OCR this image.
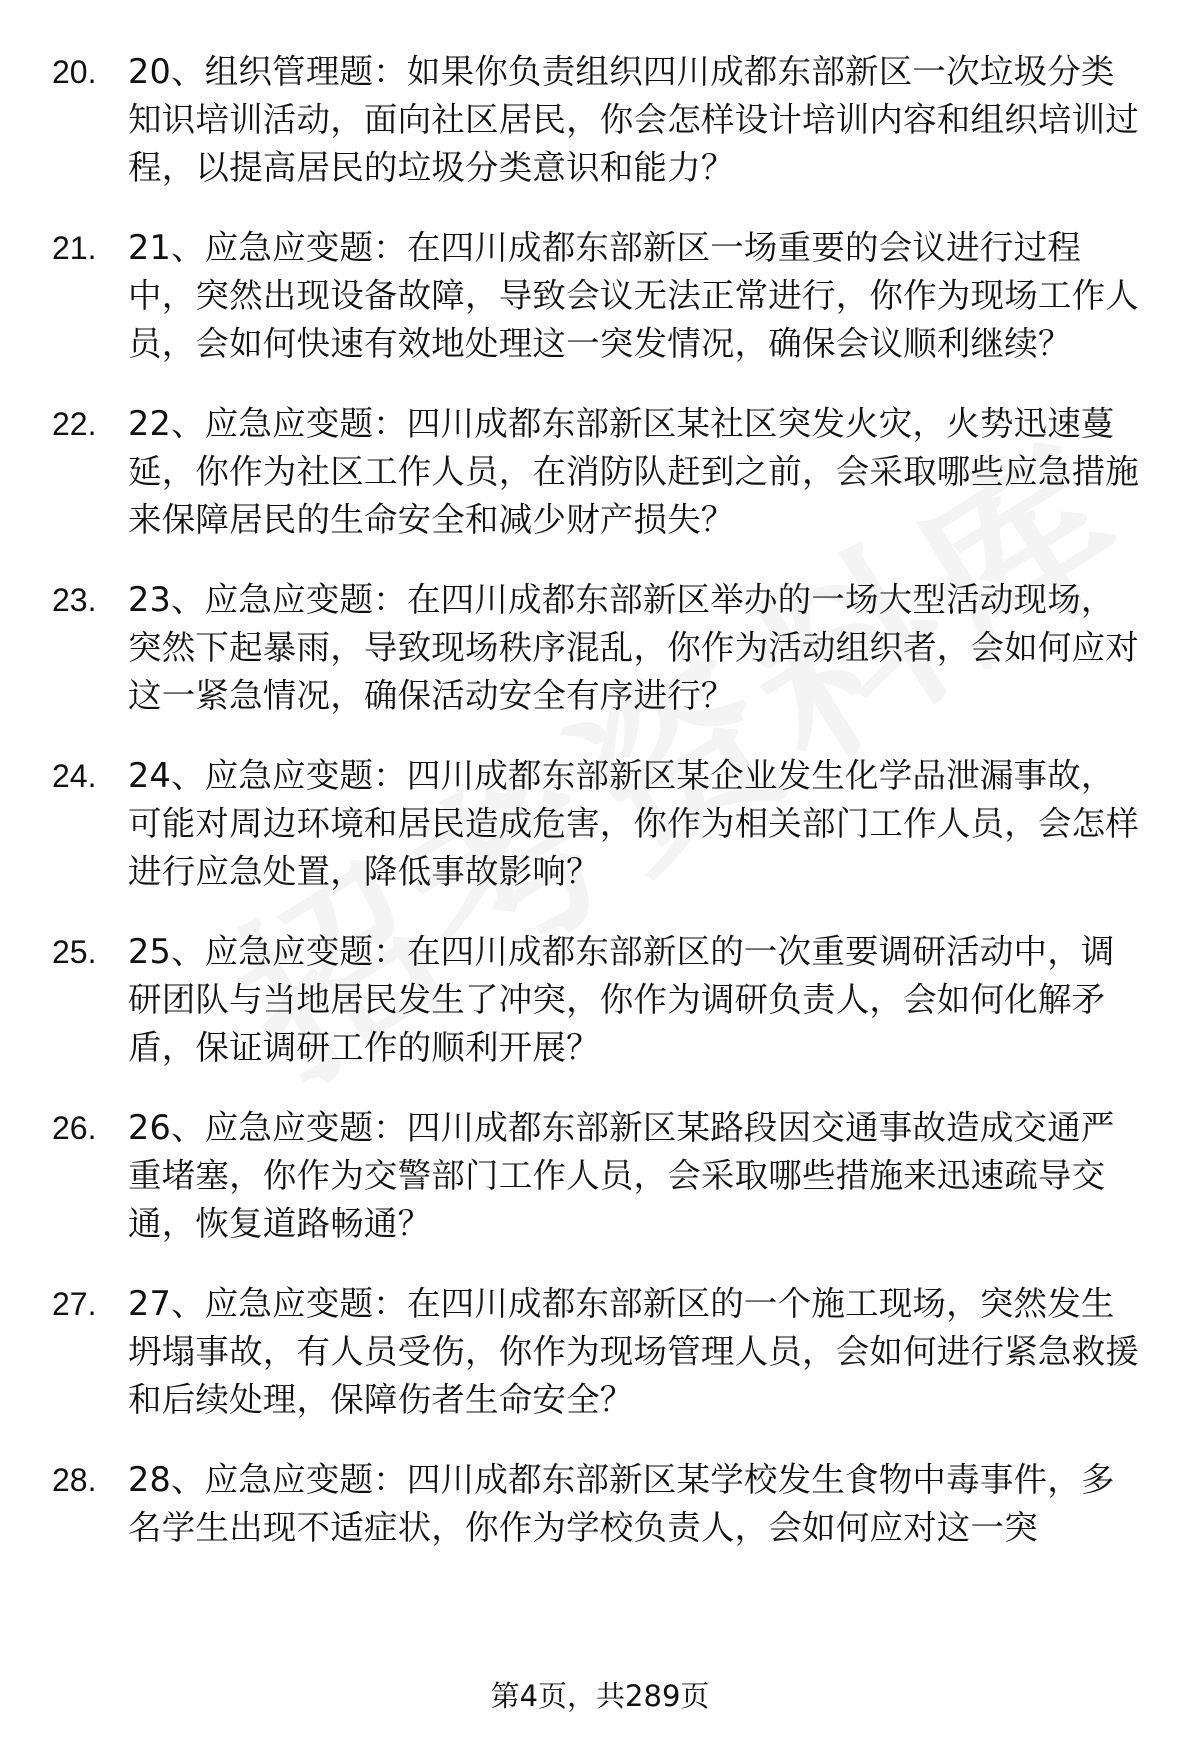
20. 20、组织管理题：如果你负责组织四川成都东部新区一次垃圾分类知识培训活动，面向社区居民，你会怎样设计培训内容和组织培训过程，以提高居民的垃圾分类意识和能力？
21. 21、应急应变题：在四川成都东部新区一场重要的会议进行过程中，突然出现设备故障，导致会议无法正常进行，你作为现场工作人员，会如何快速有效地处理这一突发情况，确保会议顺利继续？
22. 22、应急应变题：四川成都东部新区某社区突发火灾，火势迅速蔓延，你作为社区工作人员，在消防队赶到之前，会采取哪些应急措施来保障居民的生命安全和减少财产损失？
23. 23、应急应变题：在四川成都东部新区举办的一场大型活动现场，突然下起暴雨，导致现场秩序混乱，你作为活动组织者，会如何应对这一紧急情况，确保活动安全有序进行？
24. 24、应急应变题：四川成都东部新区某企业发生化学品泄漏事故，可能对周边环境和居民造成危害，你作为相关部门工作人员，会怎样进行应急处置，降低事故影响？
25. 25、应急应变题：在四川成都东部新区的一次重要调研活动中，调研团队与当地居民发生了冲突，你作为调研负责人，会如何化解矛盾，保证调研工作的顺利开展？
26. 26、应急应变题：四川成都东部新区某路段因交通事故造成交通严重堵塞，你作为交警部门工作人员，会采取哪些措施来迅速疏导交通，恢复道路畅通？
27. 27、应急应变题：在四川成都东部新区的一个施工现场，突然发生坍塌事故，有人员受伤，你作为现场管理人员，会如何进行紧急救援和后续处理，保障伤者生命安全？
28. 28、应急应变题：四川成都东部新区某学校发生食物中毒事件，多名学生出现不适症状，你作为学校负责人，会如何应对这一突
第4页，共289页
